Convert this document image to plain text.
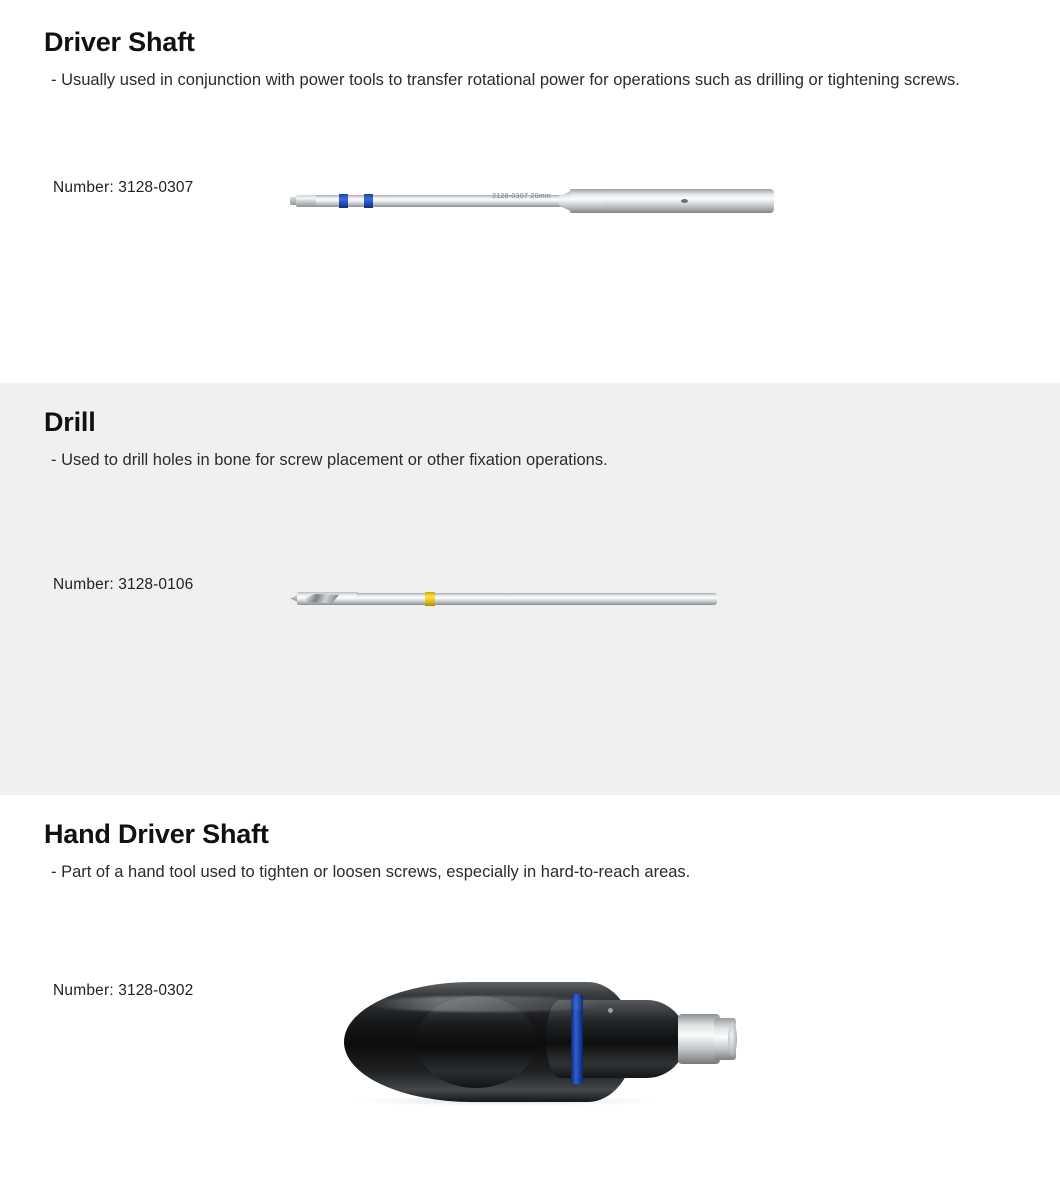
Driver Shaft

- Usually used in conjunction with power tools to transfer rotational power for operations such as drilling or tightening screws.

Number: 3128-0307
3128-0307 20mm
Drill

- Used to drill holes in bone for screw placement or other fixation operations.

Number: 3128-0106
Hand Driver Shaft

- Part of a hand tool used to tighten or loosen screws, especially in hard-to-reach areas.

Number: 3128-0302
